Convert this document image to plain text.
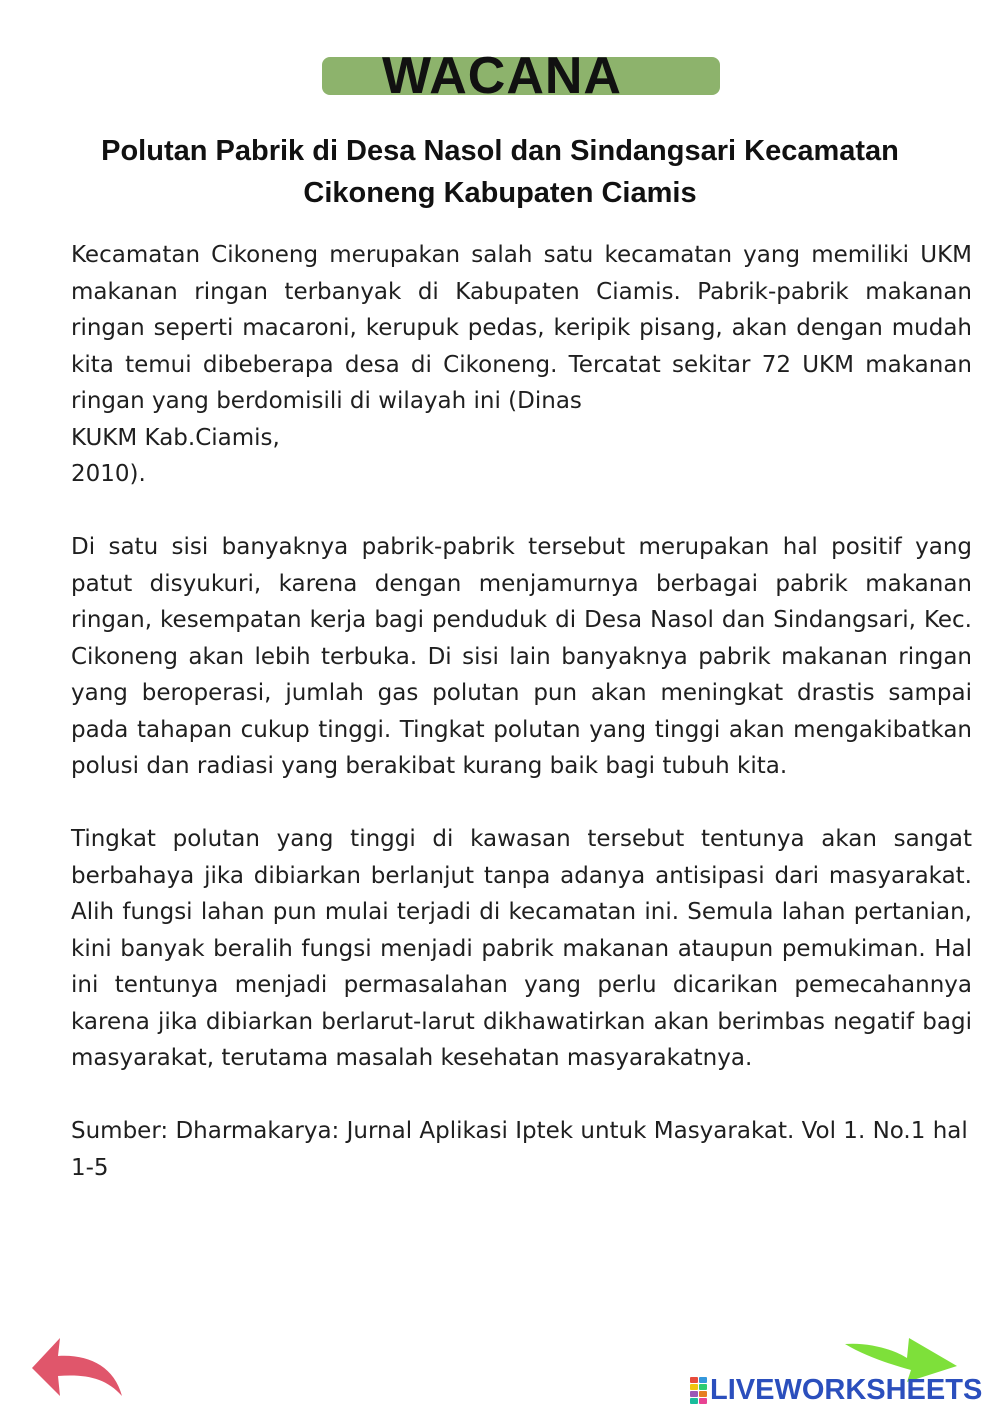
WACANA
Polutan Pabrik di Desa Nasol dan Sindangsari Kecamatan
Cikoneng Kabupaten Ciamis

Kecamatan Cikoneng merupakan salah satu kecamatan yang memiliki UKM makanan ringan terbanyak di Kabupaten Ciamis. Pabrik-pabrik makanan ringan seperti macaroni, kerupuk pedas, keripik pisang, akan dengan mudah kita temui dibeberapa desa di Cikoneng. Tercatat sekitar 72 UKM makanan ringan yang berdomisili di wilayah ini (Dinas

KUKM Kab.Ciamis,
2010).

Di satu sisi banyaknya pabrik-pabrik tersebut merupakan hal positif yang patut disyukuri, karena dengan menjamurnya berbagai pabrik makanan ringan, kesempatan kerja bagi penduduk di Desa Nasol dan Sindangsari, Kec. Cikoneng akan lebih terbuka. Di sisi lain banyaknya pabrik makanan ringan yang beroperasi, jumlah gas polutan pun akan meningkat drastis sampai pada tahapan cukup tinggi. Tingkat polutan yang tinggi akan mengakibatkan polusi dan radiasi yang berakibat kurang baik bagi tubuh kita.

Tingkat polutan yang tinggi di kawasan tersebut tentunya akan sangat berbahaya jika dibiarkan berlanjut tanpa adanya antisipasi dari masyarakat. Alih fungsi lahan pun mulai terjadi di kecamatan ini. Semula lahan pertanian, kini banyak beralih fungsi menjadi pabrik makanan ataupun pemukiman. Hal ini tentunya menjadi permasalahan yang perlu dicarikan pemecahannya karena jika dibiarkan berlarut-larut dikhawatirkan akan berimbas negatif bagi masyarakat, terutama masalah kesehatan masyarakatnya.

Sumber: Dharmakarya: Jurnal Aplikasi Iptek untuk Masyarakat. Vol 1. No.1 hal 1-5

LIVEWORKSHEETS
